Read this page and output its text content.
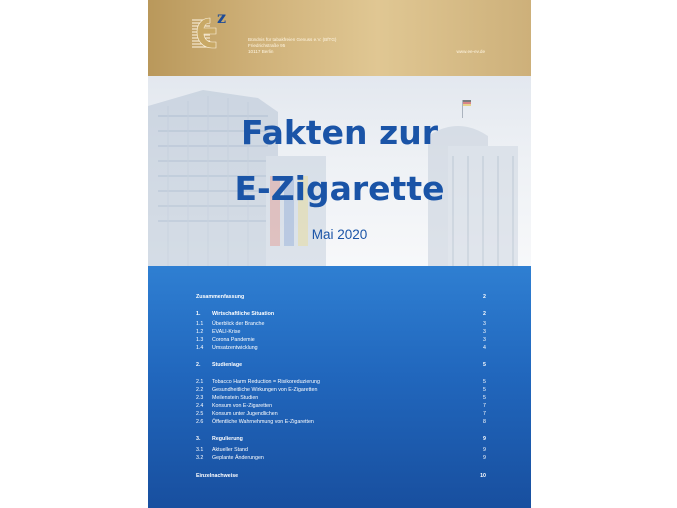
z
Bündnis für tabakfreien Genuss e.V. (BfTG)
Friedrichstraße 95
10117 Berlin	www.ee-ev.de
Fakten zur
E-Zigarette
Mai 2020
Zusammenfassung	2
1. Wirtschaftliche Situation	2
1.1 Überblick der Branche	3
1.2 EVALI-Krise	3
1.3 Corona Pandemie	3
1.4 Umsatzentwicklung	4
2. Studienlage	5
2.1 Tobacco Harm Reduction = Risikoreduzierung	5
2.2 Gesundheitliche Wirkungen von E-Zigaretten	5
2.3 Meilenstein Studien	5
2.4 Konsum von E-Zigaretten	7
2.5 Konsum unter Jugendlichen	7
2.6 Öffentliche Wahrnehmung von E-Zigaretten	8
3. Regulierung	9
3.1 Aktueller Stand	9
3.2 Geplante Änderungen	9
Einzelnachweise	10
